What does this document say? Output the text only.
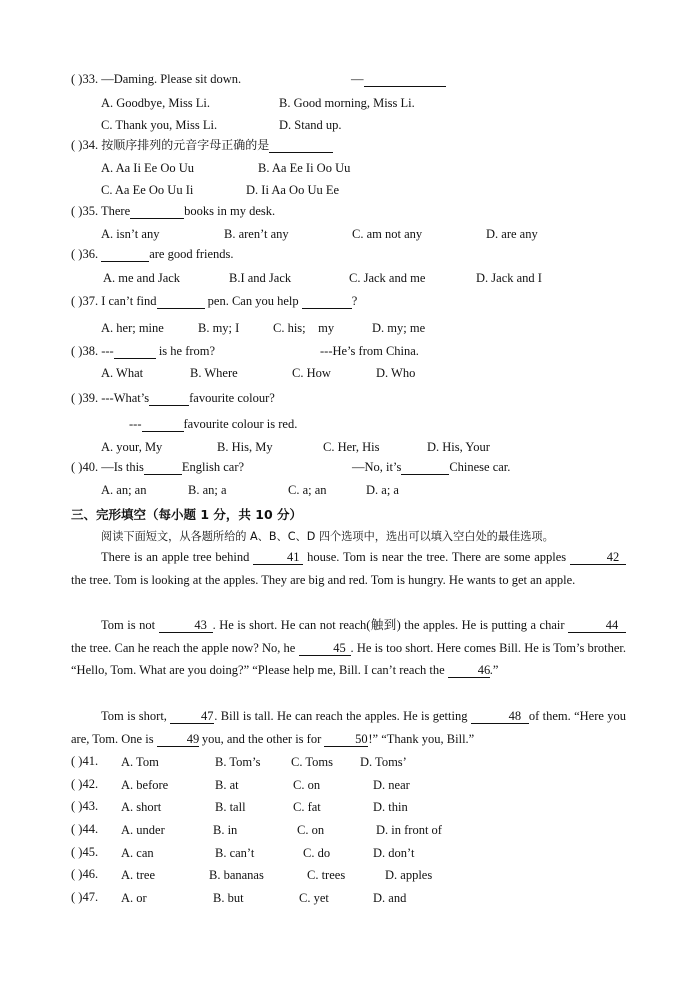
( )33. —Daming. Please sit down.	—
A. Goodbye, Miss Li.	B. Good morning, Miss Li.
C. Thank you, Miss Li.	D. Stand up.
( )34. 按顺序排列的元音字母正确的是
A. Aa Ii Ee Oo Uu	B. Aa Ee Ii Oo Uu
C. Aa Ee Oo Uu Ii	D. Ii Aa Oo Uu Ee
( )35. There	books in my desk.
A. isn’t any	B. aren’t any	C. am not any	D. are any
( )36.	are good friends.
A. me and Jack	B.I and Jack	C. Jack and me	D. Jack and I
( )37. I can’t find	pen. Can you help	?
A. her; mine	B. my; I	C. his;    my	D. my; me
( )38. ---	is he from?	---He’s from China.
A. What	B. Where	C. How	D. Who
( )39. ---What’s	favourite colour?
---	favourite colour is red.
A. your, My	B. His, My	C. Her, His	D. His, Your
( )40. —Is this	English car?	—No, it’s	Chinese car.
A. an; an	B. an; a	C. a; an	D. a; a
三、完形填空（每小题 1 分，共 10 分）
阅读下面短文，从各题所给的 A、B、C、D 四个选项中，选出可以填入空白处的最佳选项。
There is an apple tree behind	41 house. Tom is near the tree. There are some apples	42the tree. Tom is looking at the apples. They are big and red. Tom is hungry. He wants to get an apple.
Tom is not	43 . He is short. He can not reach(触到) the apples. He is putting a chair	44 the tree. Can he reach the apple now? No, he	45 . He is too short. Here comes Bill. He is Tom’s brother. “Hello, Tom. What are you doing?” “Please help me, Bill. I can’t reach the	46.”
Tom is short,	47. Bill is tall. He can reach the apples. He is getting	48 of them. “Here you are, Tom. One is	49 you, and the other is for	50!” “Thank you, Bill.”
( )41. A. Tom	B. Tom’s C. Toms D. Toms’
( )42. A. before	B. at	C. on	D. near
( )43. A. short	B. tall	C. fat	D. thin
( )44. A. under	B. in	C. on	D. in front of
( )45. A. can	B. can’t	C. do	D. don’t
( )46. A. tree	B. bananas	C. trees	D. apples
( )47. A. or	B. but	C. yet	D. and
